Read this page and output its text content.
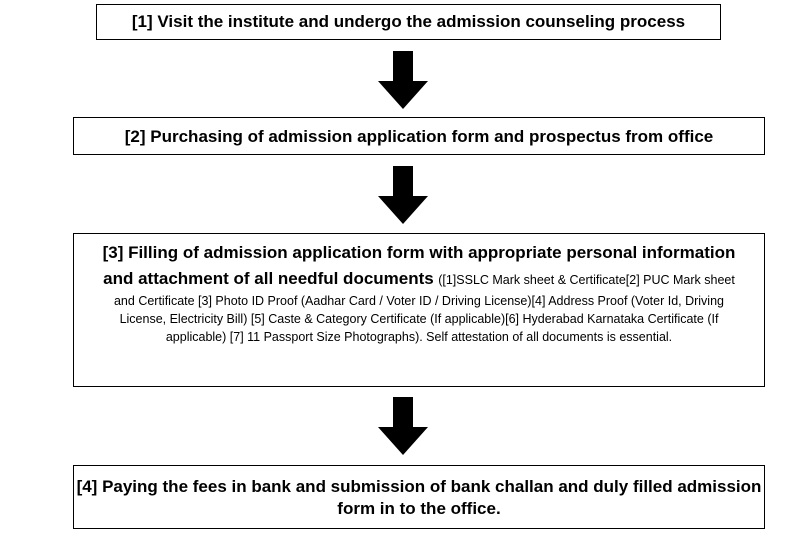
[1] Visit the institute and undergo the admission counseling process
[2] Purchasing of admission application form and prospectus from office
[3] Filling of admission application form with appropriate personal information and attachment of all needful documents ([1]SSLC Mark sheet & Certificate[2] PUC Mark sheet and Certificate [3] Photo ID Proof (Aadhar Card / Voter ID / Driving License)[4] Address Proof (Voter Id, Driving License, Electricity Bill) [5] Caste & Category Certificate (If applicable)[6] Hyderabad Karnataka Certificate (If applicable) [7] 11 Passport Size Photographs). Self attestation of all documents is essential.
[4] Paying the fees in bank and submission of bank challan and duly filled admission form in to the office.
